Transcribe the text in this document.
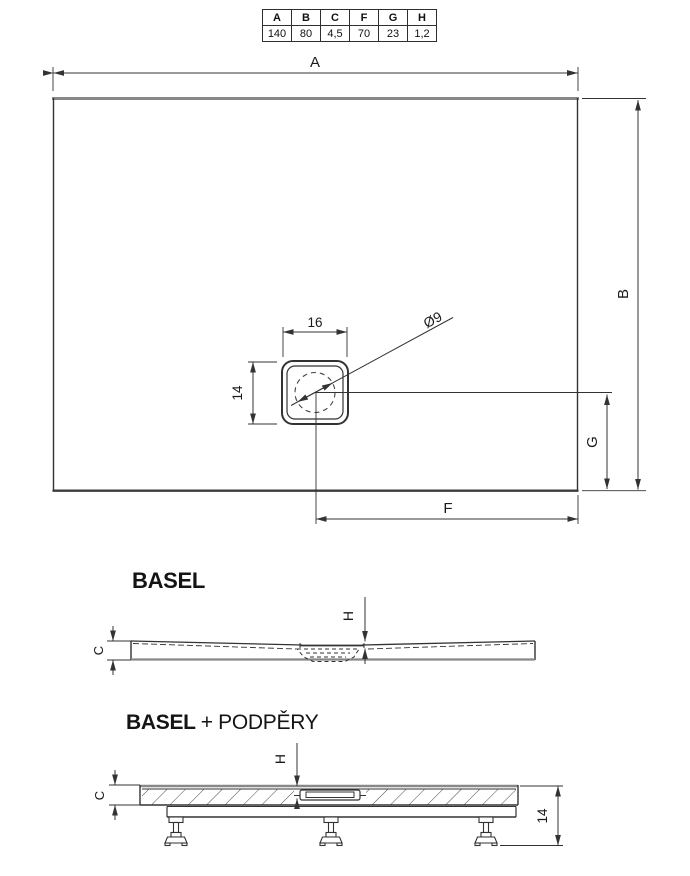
A	B	C	F	G	H
140	80	4,5	70	23	1,2
BASEL
BASEL + PODPĚRY
A
B
Ø9
16
14
G
F
C
H
C
H
14
